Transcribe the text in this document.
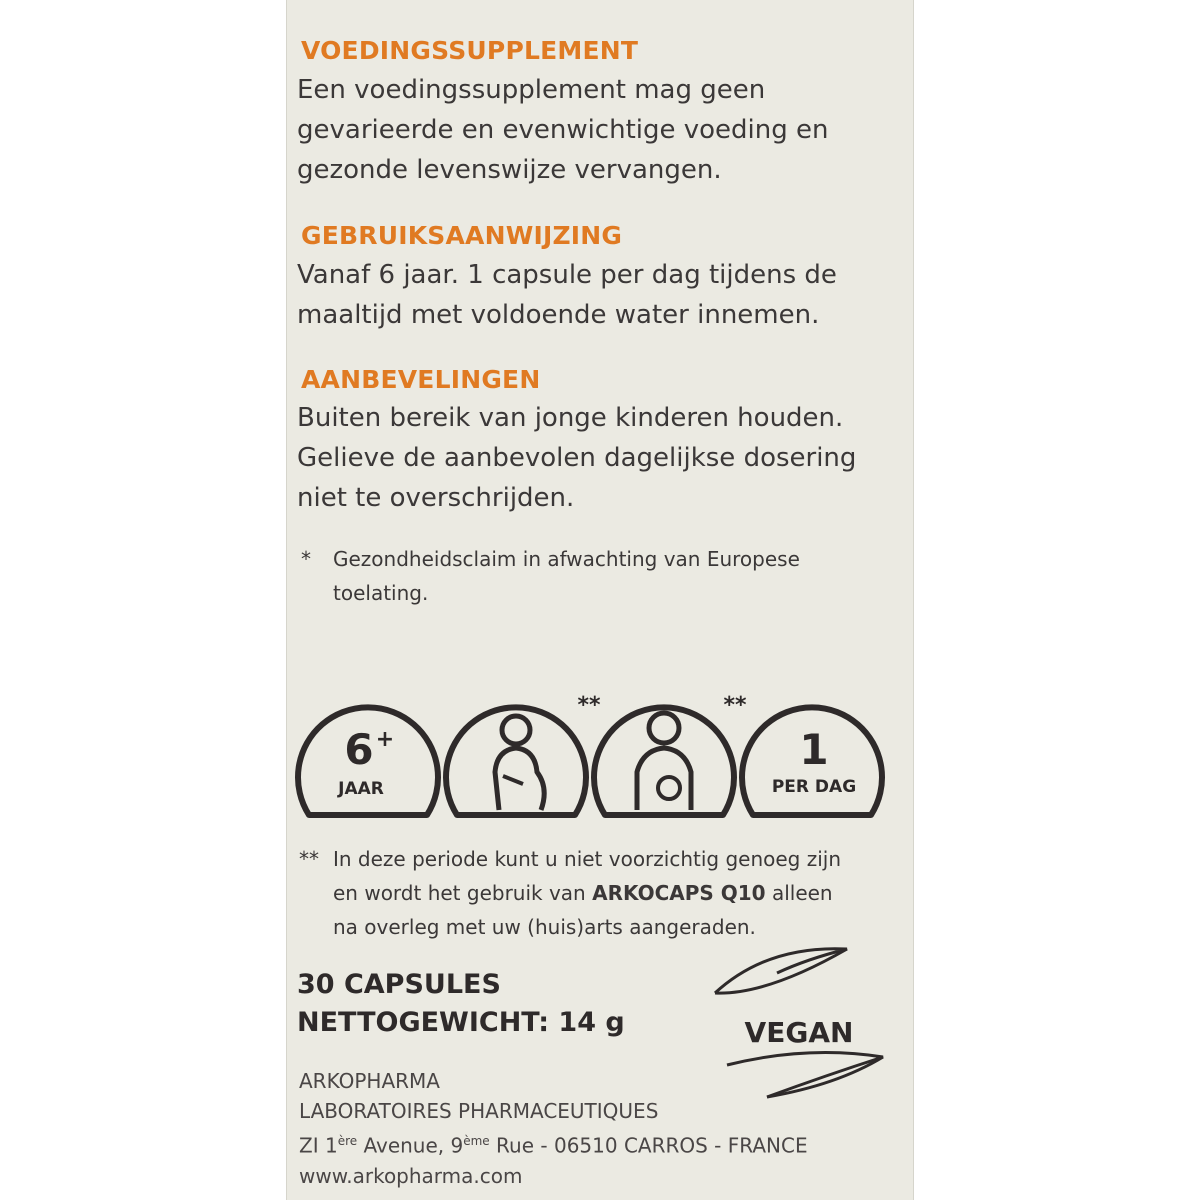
VOEDINGSSUPPLEMENT
Een voedingssupplement mag geen
gevarieerde en evenwichtige voeding en
gezonde levenswijze vervangen.
GEBRUIKSAANWIJZING
Vanaf 6 jaar. 1 capsule per dag tijdens de
maaltijd met voldoende water innemen.
AANBEVELINGEN
Buiten bereik van jonge kinderen houden.
Gelieve de aanbevolen dagelijkse dosering
niet te overschrijden.
* Gezondheidsclaim in afwachting van Europese
toelating.
6 +
JAAR
**	**
1
PER DAG
** In deze periode kunt u niet voorzichtig genoeg zijn
en wordt het gebruik van ARKOCAPS Q10 alleen
na overleg met uw (huis)arts aangeraden.
30 CAPSULES
NETTOGEWICHT: 14 g	VEGAN
ARKOPHARMA
LABORATOIRES PHARMACEUTIQUES
ZI 1ère Avenue, 9ème Rue - 06510 CARROS - FRANCE
www.arkopharma.com
